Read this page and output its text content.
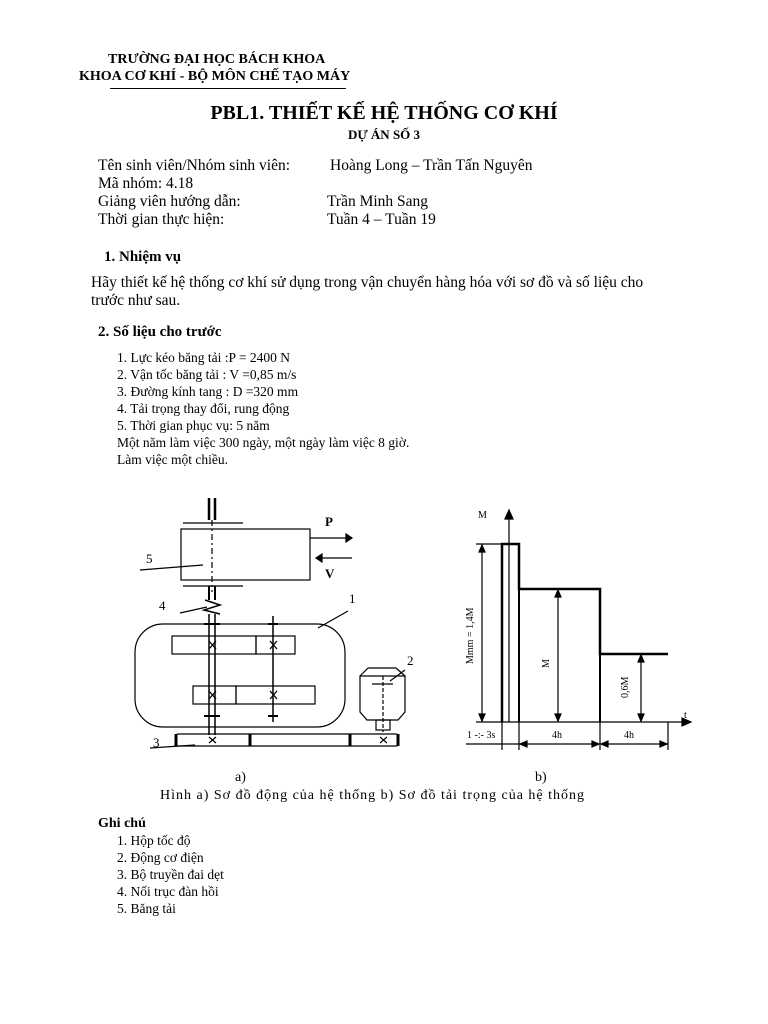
TRƯỜNG ĐẠI HỌC BÁCH KHOA
KHOA CƠ KHÍ - BỘ MÔN CHẾ TẠO MÁY
PBL1. THIẾT KẾ HỆ THỐNG CƠ KHÍ
DỰ ÁN SỐ 3
Tên sinh viên/Nhóm sinh viên:	Hoàng Long – Trần Tấn Nguyên
Mã nhóm: 4.18
Giảng viên hướng dẫn:	Trần Minh Sang
Thời gian thực hiện:	Tuần 4 – Tuần 19
1. Nhiệm vụ
Hãy thiết kế hệ thống cơ khí sử dụng trong vận chuyển hàng hóa với sơ đồ và số liệu cho
trước như sau.
2. Số liệu cho trước
1. Lực kéo băng tải :P = 2400 N
2. Vận tốc băng tải : V =0,85 m/s
3. Đường kính tang : D =320 mm
4. Tải trọng thay đổi, rung động
5. Thời gian phục vụ: 5 năm
Một năm làm việc 300 ngày, một ngày làm việc 8 giờ.
Làm việc một chiều.
P
V
5
4	1
2
3
M
t
Mmm = 1,4M	M
0,6M
1 -:- 3s	4h	4h
a)	b)
Hình a) Sơ đồ động của hệ thống b) Sơ đồ tải trọng của hệ thống
Ghi chú
1. Hộp tốc độ
2. Động cơ điện
3. Bộ truyền đai dẹt
4. Nối trục đàn hồi
5. Băng tải
